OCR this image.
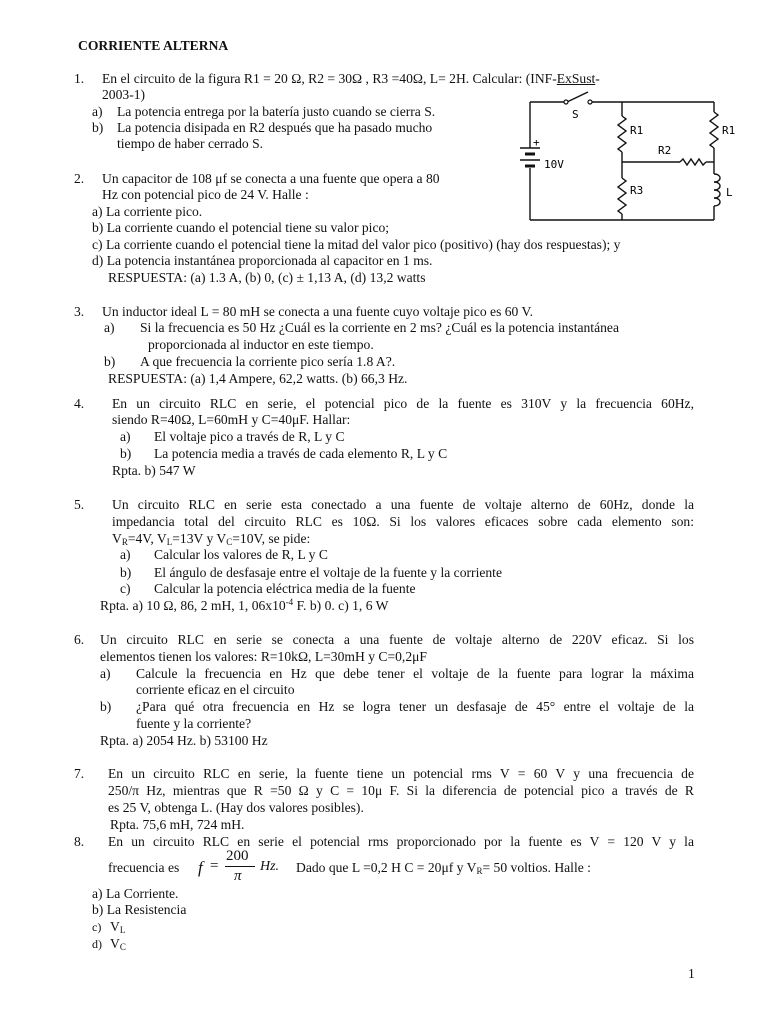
CORRIENTE ALTERNA
1. En el circuito de la figura R1 = 20 Ω, R2 = 30Ω , R3 =40Ω, L= 2H. Calcular: (INF-ExSust-
2003-1)
a) La potencia entrega por la batería justo cuando se cierra S.
b) La potencia disipada en R2 después que ha pasado mucho
tiempo de haber cerrado S.	+
10V
S
R1	R1
R2
R3	L
2. Un capacitor de 108 μf se conecta a una fuente que opera a 80
Hz con potencial pico de 24 V. Halle :
a) La corriente pico.
b) La corriente cuando el potencial tiene su valor pico;
c) La corriente cuando el potencial tiene la mitad del valor pico (positivo) (hay dos respuestas); y
d) La potencia instantánea proporcionada al capacitor en 1 ms.
RESPUESTA: (a) 1.3 A, (b) 0, (c) ± 1,13 A, (d) 13,2 watts
3. Un inductor ideal L = 80 mH se conecta a una fuente cuyo voltaje pico es 60 V.
a) Si la frecuencia es 50 Hz ¿Cuál es la corriente en 2 ms? ¿Cuál es la potencia instantánea
proporcionada al inductor en este tiempo.
b) A que frecuencia la corriente pico sería 1.8 A?.
RESPUESTA: (a) 1,4 Ampere, 62,2 watts. (b) 66,3 Hz.
4. En un circuito RLC en serie, el potencial pico de la fuente es 310V y la frecuencia 60Hz,
siendo R=40Ω, L=60mH y C=40μF. Hallar:
a) El voltaje pico a través de R, L y C
b) La potencia media a través de cada elemento R, L y C
Rpta. b) 547 W
5. Un circuito RLC en serie esta conectado a una fuente de voltaje alterno de 60Hz, donde la
impedancia total del circuito RLC es 10Ω. Si los valores eficaces sobre cada elemento son:
$V_R=4V$, $V_L=13V$ y $V_C=10V$, se pide:
a) Calcular los valores de R, L y C
b) El ángulo de desfasaje entre el voltaje de la fuente y la corriente
c) Calcular la potencia eléctrica media de la fuente
Rpta. a) 10 Ω, 86, 2 mH, 1, $06x10^{-4}$ F. b) 0. c) 1, 6 W
6. Un circuito RLC en serie se conecta a una fuente de voltaje alterno de 220V eficaz. Si los
elementos tienen los valores: R=10kΩ, L=30mH y C=0,2μF
a) Calcule la frecuencia en Hz que debe tener el voltaje de la fuente para lograr la máxima
corriente eficaz en el circuito
b) ¿Para qué otra frecuencia en Hz se logra tener un desfasaje de 45° entre el voltaje de la
fuente y la corriente?
Rpta. a) 2054 Hz. b) 53100 Hz
7. En un circuito RLC en serie, la fuente tiene un potencial rms V = 60 V y una frecuencia de
250/π Hz, mientras que R =50 Ω y C = 10μ F. Si la diferencia de potencial pico a través de R
es 25 V, obtenga L. (Hay dos valores posibles).
Rpta. 75,6 mH, 724 mH.
8. En un circuito RLC en serie el potencial rms proporcionado por la fuente es V = 120 V y la
frecuencia es f =
200
π
Hz. Dado que L =0,2 H C = 20μf y $V_R= 50$ voltios. Halle :
a) La Corriente.
b) La Resistencia
c) $V_L$
d) $V_C$
1
